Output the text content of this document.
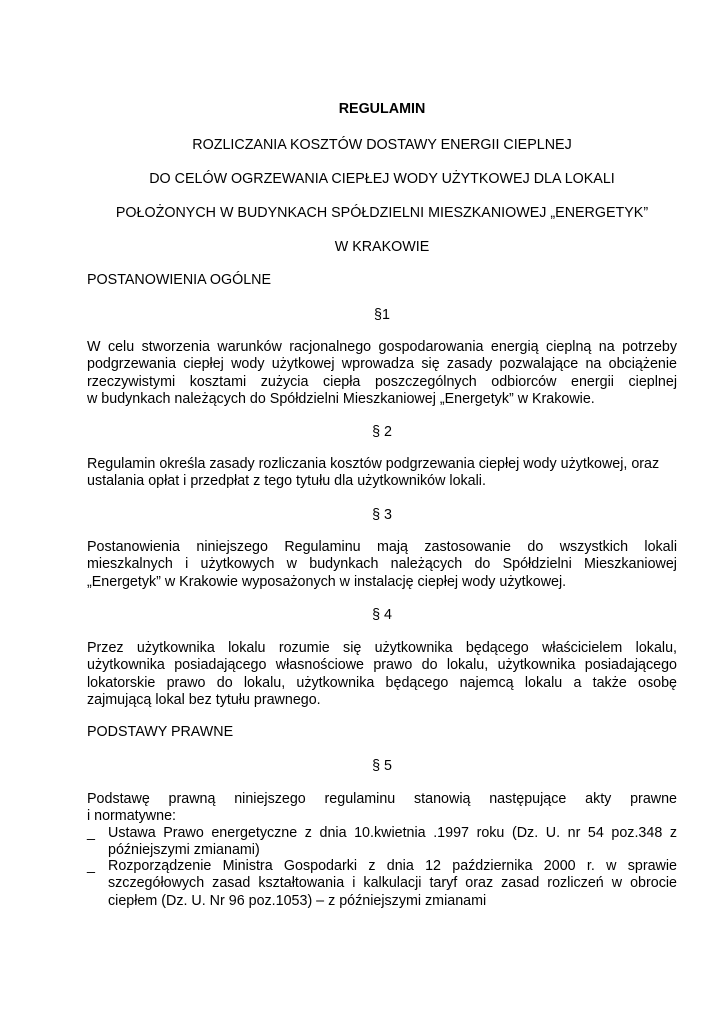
REGULAMIN
ROZLICZANIA KOSZTÓW DOSTAWY ENERGII CIEPLNEJ
DO CELÓW OGRZEWANIA CIEPŁEJ WODY UŻYTKOWEJ DLA LOKALI
POŁOŻONYCH W BUDYNKACH SPÓŁDZIELNI MIESZKANIOWEJ „ENERGETYK”
W KRAKOWIE
POSTANOWIENIA OGÓLNE
§1
W celu stworzenia warunków racjonalnego gospodarowania energią cieplną na potrzeby
podgrzewania ciepłej wody użytkowej wprowadza się zasady pozwalające na obciążenie
rzeczywistymi kosztami zużycia ciepła poszczególnych odbiorców energii cieplnej
w budynkach należących do Spółdzielni Mieszkaniowej „Energetyk” w Krakowie.
§ 2
Regulamin określa zasady rozliczania kosztów podgrzewania ciepłej wody użytkowej, oraz
ustalania opłat i przedpłat z tego tytułu dla użytkowników lokali.
§ 3
Postanowienia niniejszego Regulaminu mają zastosowanie do wszystkich lokali
mieszkalnych i użytkowych w budynkach należących do Spółdzielni Mieszkaniowej
„Energetyk” w Krakowie wyposażonych w instalację ciepłej wody użytkowej.
§ 4
Przez użytkownika lokalu rozumie się użytkownika będącego właścicielem lokalu,
użytkownika posiadającego własnościowe prawo do lokalu, użytkownika posiadającego
lokatorskie prawo do lokalu, użytkownika będącego najemcą lokalu a także osobę
zajmującą lokal bez tytułu prawnego.
PODSTAWY PRAWNE
§ 5
Podstawę prawną niniejszego regulaminu stanowią następujące akty prawne
i normatywne:
_ Ustawa Prawo energetyczne z dnia 10.kwietnia .1997 roku (Dz. U. nr 54 poz.348 z
późniejszymi zmianami)
_ Rozporządzenie Ministra Gospodarki z dnia 12 października 2000 r. w sprawie
szczegółowych zasad kształtowania i kalkulacji taryf oraz zasad rozliczeń w obrocie
ciepłem (Dz. U. Nr 96 poz.1053) – z późniejszymi zmianami
